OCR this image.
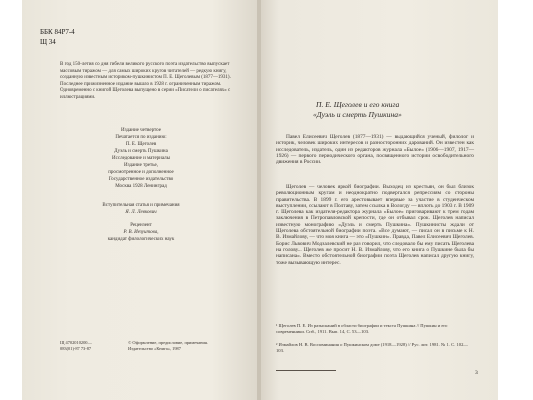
ББК 84Р7-4
Щ 34
В год 150-летия со дня гибели великого русского поэта издательство выпускает массовым тиражом — для самых широких кругов читателей — редкую книгу, созданную известным историком-пушкинистом П. Е. Щеголевым (1877—1931). Последнее прижизненное издание вышло в 1928 г. ограниченным тиражом. Одновременно с книгой Щеголева выпущено в серии «Писатели о писателях» с иллюстрациями.
Издание четвертое
Печатается по изданию:
П. Е. Щеголев
Дуэль и смерть Пушкина
Исследование и материалы
Издание третье,
просмотренное и дополненное
Государственное издательство
Москва 1928 Ленинград
Вступительная статья и примечания
Я. Л. Левкович
Рецензент
Р. В. Иезуитова,
кандидат филологических наук
Щ 4702010200—
083(01)-87 73-87
© Оформление, предисловие, примечания.
Издательство «Книга», 1987
П. Е. Щеголев и его книга
«Дуэль и смерть Пушкина»
Павел Елисеевич Щеголев (1877—1931) — выдающийся ученый, филолог и историк, человек широких интересов и разносторонних дарований. Он известен как исследователь, издатель, один из редакторов журнала «Былое» (1906—1907, 1917—1926) — первого периодического органа, посвященного истории освободительного движения в России.
Щеголев — человек яркой биографии. Выходец из крестьян, он был близок революционным кругам и неоднократно подвергался репрессиям со стороны правительства. В 1899 г. его арестовывает впервые за участие в студенческом выступлении, ссылают в Полтаву, затем ссылка в Вологду — вплоть до 1903 г. В 1909 г. Щеголева как издателя-редактора журнала «Былое» приговаривают к трем годам заключения в Петропавловской крепости, где он отбывал срок. Щеголев написал известную монографию «Дуэль и смерть Пушкина». Пушкинисты ждали от Щеголева обстоятельной биографии поэта. «Все думают, — писал он в письме к Н. В. Измайлову, — что моя книга — это «Пушкин». Правда, Павел Елисеевич Щеголев. Борис Львович Модзалевский не раз говорил, что следовало бы ему писать Щеголева на голову... Щеголев же просит Н. В. Измайлову, что его книга о Пушкине была бы написана». Вместо обстоятельной биографии поэта Щеголев написал другую книгу, тоже вызывающую интерес.
¹ Щеголев П. Е. Из разысканий в области биографии и текста Пушкина // Пушкин и его современники. Спб., 1911. Вып. 14, С. 53—103.
² Измайлов Н. В. Воспоминания о Пушкинском доме (1918—1928) // Рус. лит. 1981. № 1. С. 102—103.
3
